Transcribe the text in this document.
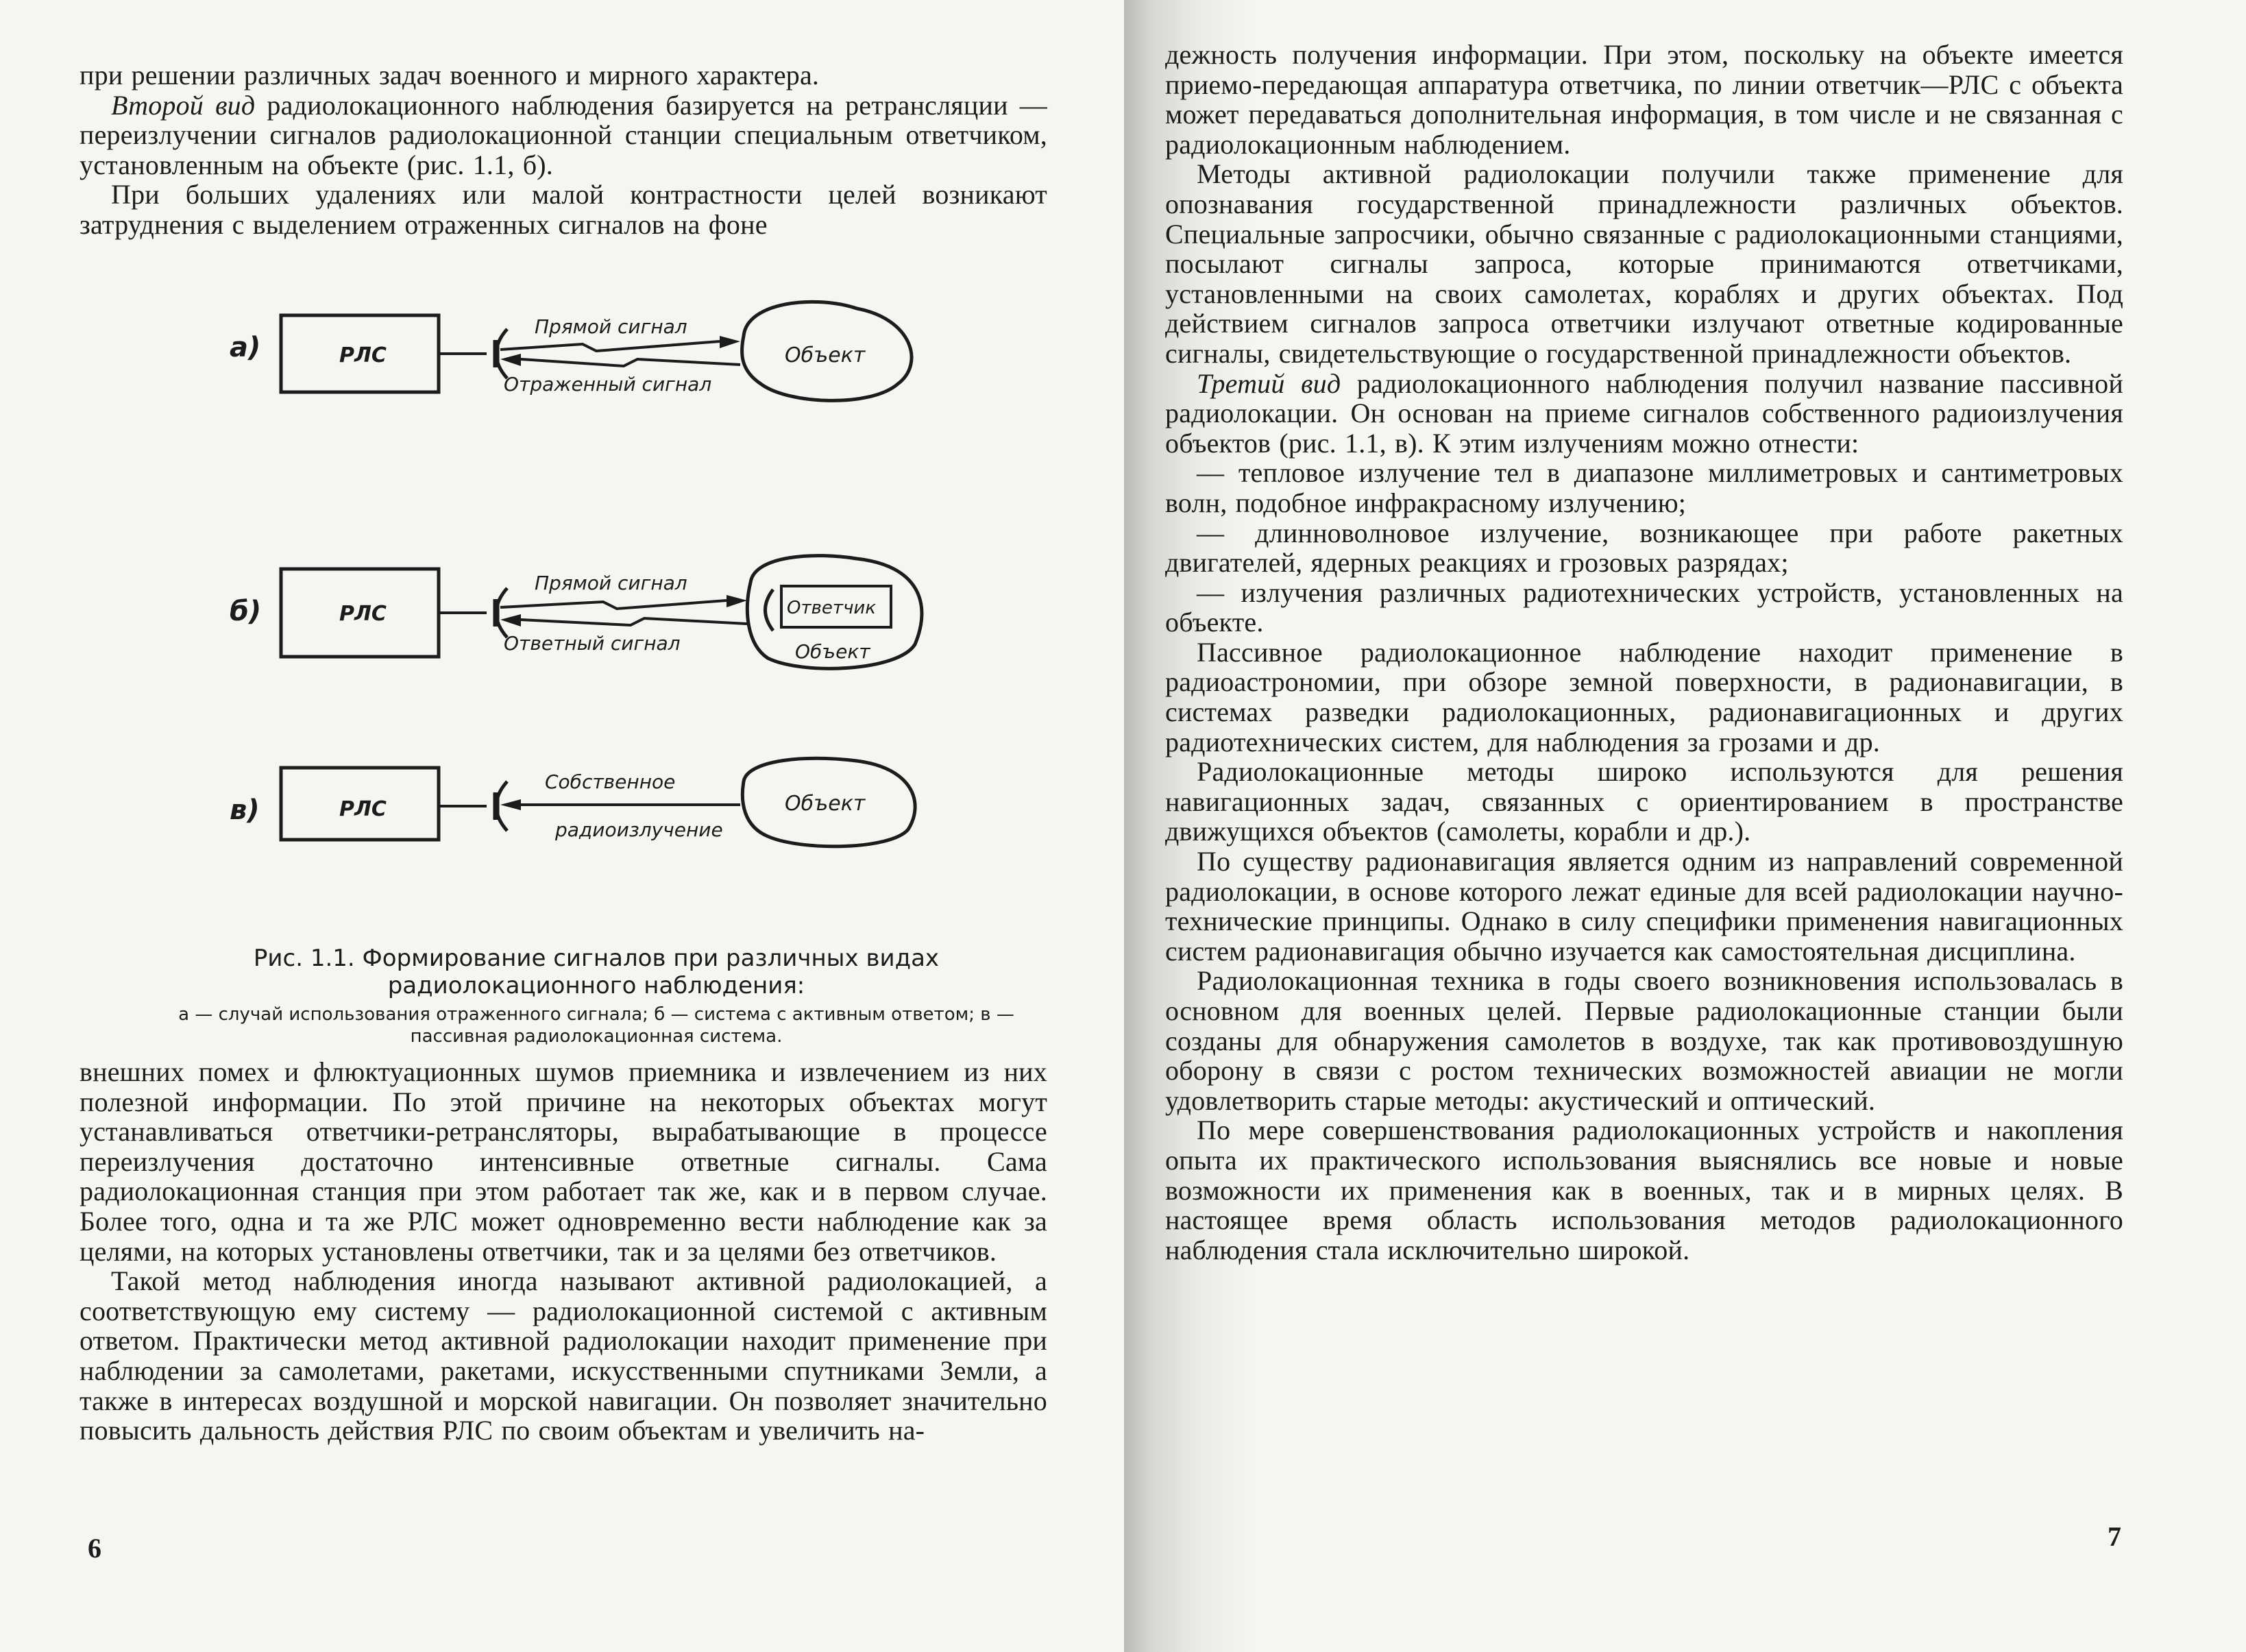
при решении различных задач военного и мирного характера.

Второй вид радиолокационного наблюдения базируется на ретрансляции — переизлучении сигналов радиолокационной станции специальным ответчиком, установленным на объекте (рис. 1.1, б).

При больших удалениях или малой контрастности целей возникают затруднения с выделением отраженных сигналов на фоне

а)	РЛС
Прямой сигнал
Отраженный сигнал
Объект
б)	РЛС
Прямой сигнал
Ответный сигнал
Ответчик
Объект
в)	РЛС
Собственное
радиоизлучение
Объект
Рис. 1.1. Формирование сигналов при различных видах радиолокационного наблюдения:
а — случай использования отраженного сигнала; б — система с активным ответом; в — пассивная радиолокационная система.

внешних помех и флюктуационных шумов приемника и извлечением из них полезной информации. По этой причине на некоторых объектах могут устанавливаться ответчики-ретрансляторы, вырабатывающие в процессе переизлучения достаточно интенсивные ответные сигналы. Сама радиолокационная станция при этом работает так же, как и в первом случае. Более того, одна и та же РЛС может одновременно вести наблюдение как за целями, на которых установлены ответчики, так и за целями без ответчиков.

Такой метод наблюдения иногда называют активной радиолокацией, а соответствующую ему систему — радиолокационной системой с активным ответом. Практически метод активной радиолокации находит применение при наблюдении за самолетами, ракетами, искусственными спутниками Земли, а также в интересах воздушной и морской навигации. Он позволяет значительно повысить дальность действия РЛС по своим объектам и увеличить на-

6

дежность получения информации. При этом, поскольку на объекте имеется приемо-передающая аппаратура ответчика, по линии ответчик—РЛС с объекта может передаваться дополнительная информация, в том числе и не связанная с радиолокационным наблюдением.

Методы активной радиолокации получили также применение для опознавания государственной принадлежности различных объектов. Специальные запросчики, обычно связанные с радиолокационными станциями, посылают сигналы запроса, которые принимаются ответчиками, установленными на своих самолетах, кораблях и других объектах. Под действием сигналов запроса ответчики излучают ответные кодированные сигналы, свидетельствующие о государственной принадлежности объектов.

Третий вид радиолокационного наблюдения получил название пассивной радиолокации. Он основан на приеме сигналов собственного радиоизлучения объектов (рис. 1.1, в). К этим излучениям можно отнести:

— тепловое излучение тел в диапазоне миллиметровых и сантиметровых волн, подобное инфракрасному излучению;
— длинноволновое излучение, возникающее при работе ракетных двигателей, ядерных реакциях и грозовых разрядах;
— излучения различных радиотехнических устройств, установленных на объекте.

Пассивное радиолокационное наблюдение находит применение в радиоастрономии, при обзоре земной поверхности, в радионавигации, в системах разведки радиолокационных, радионавигационных и других радиотехнических систем, для наблюдения за грозами и др.

Радиолокационные методы широко используются для решения навигационных задач, связанных с ориентированием в пространстве движущихся объектов (самолеты, корабли и др.).

По существу радионавигация является одним из направлений современной радиолокации, в основе которого лежат единые для всей радиолокации научно-технические принципы. Однако в силу специфики применения навигационных систем радионавигация обычно изучается как самостоятельная дисциплина.

Радиолокационная техника в годы своего возникновения использовалась в основном для военных целей. Первые радиолокационные станции были созданы для обнаружения самолетов в воздухе, так как противовоздушную оборону в связи с ростом технических возможностей авиации не могли удовлетворить старые методы: акустический и оптический.

По мере совершенствования радиолокационных устройств и накопления опыта их практического использования выяснялись все новые и новые возможности их применения как в военных, так и в мирных целях. В настоящее время область использования методов радиолокационного наблюдения стала исключительно широкой.

7
